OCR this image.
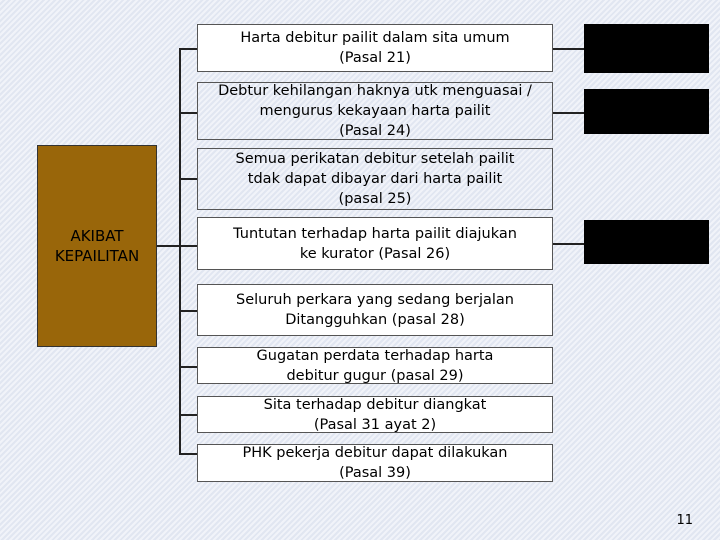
AKIBAT
KEPAILITAN
Harta debitur pailit dalam sita umum
(Pasal 21)
Debtur kehilangan haknya utk menguasai /
mengurus kekayaan harta pailit
(Pasal 24)
Semua perikatan debitur setelah pailit
tdak dapat dibayar dari harta pailit
(pasal 25)
Tuntutan terhadap harta pailit diajukan
ke kurator (Pasal 26)
Seluruh perkara yang sedang berjalan
Ditangguhkan (pasal 28)
Gugatan perdata terhadap harta
debitur gugur (pasal 29)
Sita terhadap debitur diangkat
(Pasal 31 ayat 2)
PHK pekerja debitur dapat dilakukan
(Pasal 39)
11
